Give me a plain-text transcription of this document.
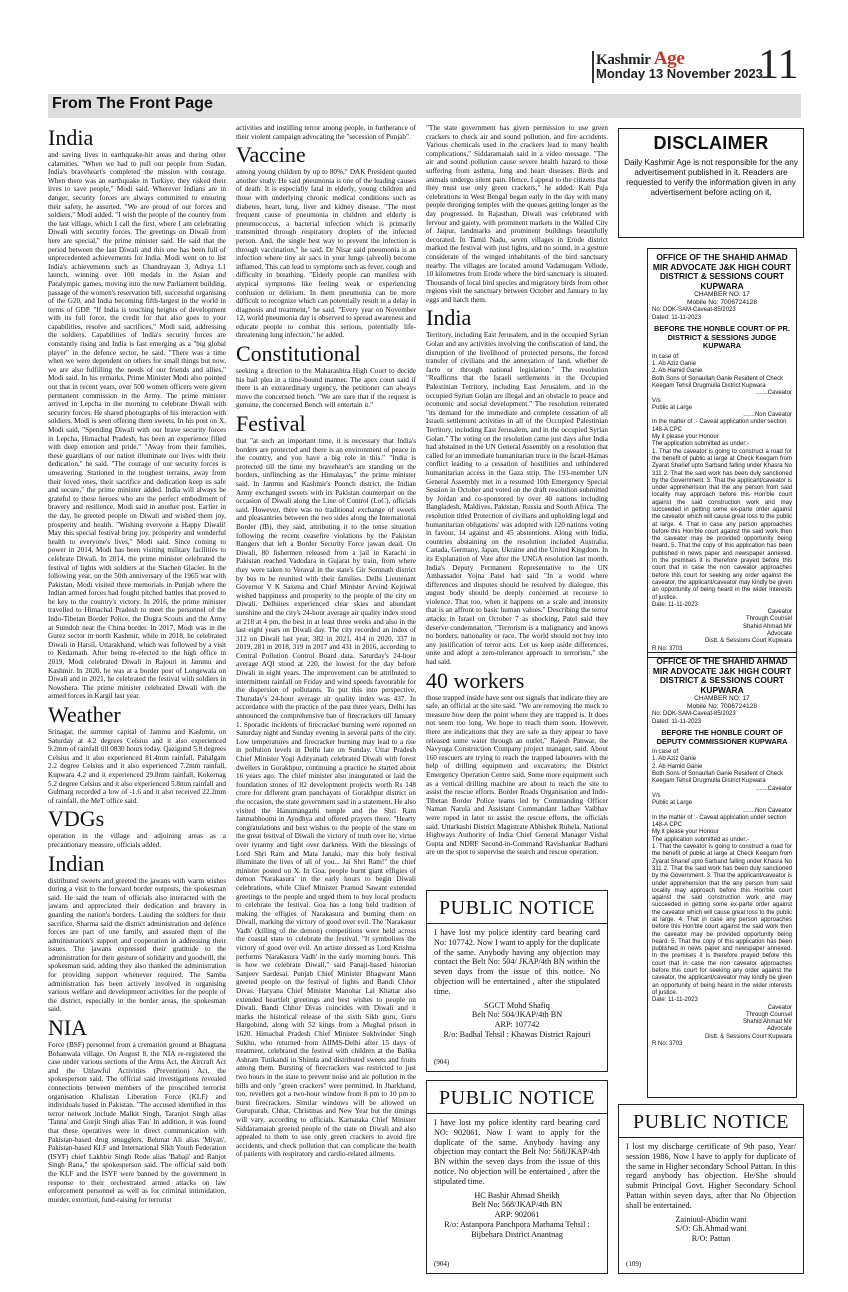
Kashmir Age
Monday 13 November 2023
11
From The Front Page
India

and saving lives in earthquake-hit areas and during other calamities. "When we had to pull out people from Sudan, India's braveheart's completed the mission with courage. When there was an earthquake in Turkiye, they risked their lives to save people," Modi said. Wherever Indians are in danger, security forces are always committed to ensuring their safety, he asserted. "We are proud of our forces and soldiers," Modi added. "I wish the people of the country from the last village, which I call the first, where I am celebrating Diwali with security forces. The greetings on Diwali from here are special," the prime minister said. He said that the period between the last Diwali and this one has been full of unprecedented achievements for India. Modi went on to list India's achievements such as Chandrayaan 3, Aditya L1 launch, winning over 100 medals in the Asian and Paralympic games, moving into the new Parliament building, passage of the women's reservation bill, successful organising of the G20, and India becoming fifth-largest in the world in terms of GDP. "If India is touching heights of development with its full force, the credit for that also goes to your capabilities, resolve and sacrifices," Modi said, addressing the soldiers. Capabilities of India's security forces are constantly rising and India is fast emerging as a "big global player" in the defence sector, he said. "There was a time when we were dependent on others for small things but now, we are also fulfilling the needs of our friends and allies," Modi said. In his remarks, Prime Minister Modi also pointed out that in recent years, over 500 women officers were given permanent commission in the Army. The prime minister arrived in Lepcha in the morning to celebrate Diwali with security forces. He shared photographs of his interaction with soldiers. Modi is seen offering them sweets. In his post on X, Modi said, "Spending Diwali with our brave security forces in Lepcha, Himachal Pradesh, has been an experience filled with deep emotion and pride." "Away from their families, these guardians of our nation illuminate our lives with their dedication," he said. "The courage of our security forces is unwavering. Stationed in the toughest terrains, away from their loved ones, their sacrifice and dedication keep us safe and secure," the prime minister added. India will always be grateful to these heroes who are the perfect embodiment of bravery and resilience, Modi said in another post. Earlier in the day, he greeted people on Diwali and wished them joy, prosperity and health. "Wishing everyone a Happy Diwali! May this special festival bring joy, prosperity and wonderful health to everyone's lives," Modi said. Since coming to power in 2014, Modi has been visiting military facilities to celebrate Diwali. In 2014, the prime minister celebrated the festival of lights with soldiers at the Siachen Glacier. In the following year, on the 50th anniversary of the 1965 war with Pakistan, Modi visited three memorials in Punjab where the Indian armed forces had fought pitched battles that proved to be key to the country's victory. In 2016, the prime minister travelled to Himachal Pradesh to meet the personnel of the Indo-Tibetan Border Police, the Dogra Scouts and the Army at Sumdoh near the China border. In 2017, Modi was in the Gurez sector in north Kashmir, while in 2018, he celebrated Diwali in Harsil, Uttarakhand, which was followed by a visit to Kedarnath. After being re-elected to the high office in 2019, Modi celebrated Diwali in Rajouri in Jammu and Kashmir. In 2020, he was at a border post of Longewala on Diwali and in 2021, he celebrated the festival with soldiers in Nowshera. The prime minister celebrated Diwali with the armed forces in Kargil last year.

Weather

Srinagar, the summer capital of Jammu and Kashmir, on Saturday at 4.2 degrees Celsius and it also experienced 9.2mm of rainfall till 0830 hours today. Qazigund 5.8 degrees Celsius and it also experienced 81.4mm rainfall, Pahalgam 2.2 degree Celsius and it also experienced 7.2mm rainfall, Kupwara 4.2 and it experienced 29.8mm rainfall, Kokernag 5.2 degree Celsius and it also experienced 5.8mm rainfall and Gulmarg recorded a low of -1.6 and it also received 22.2mm of rainfall, the MeT office said.

VDGs

operation in the village and adjoining areas as a precautionary measure, officials added.

Indian

distributed sweets and greeted the jawans with warm wishes during a visit to the forward border outposts, the spokesman said. He said the team of officials also interacted with the jawans and appreciated their dedication and bravery in guarding the nation's borders. Lauding the soldiers for their sacrifice, Sharma said the district administration and defence forces are part of one family, and assured them of the administration's support and cooperation in addressing their issues. The jawans expressed their gratitude to the administration for their gesture of solidarity and goodwill, the spokesman said, adding they also thanked the administration for providing support whenever required. The Samba administration has been actively involved in organising various welfare and development activities for the people of the district, especially in the border areas, the spokesman said.

NIA

Force (BSF) personnel from a cremation ground at Bhagtana Bohanwala village. On August 8, the NIA re-registered the case under various sections of the Arms Act, the Aircraft Act and the Unlawful Activities (Prevention) Act, the spokesperson said. The official said investigations revealed connections between members of the proscribed terrorist organisation Khalistan Liberation Force (KLF) and individuals based in Pakistan. "The accused identified in this terror network include Malkit Singh, Taranjot Singh alias 'Tanna' and Gurjit Singh alias 'Fau' In addition, it was found that these operatives were in direct communication with Pakistan-based drug smugglers, Behmat Ali alias 'Miyan', Pakistan-based KLF and International Sikh Youth Federation (ISYF) chief Lakhbir Singh Rode alias 'Babaji' and Ranjot Singh Rana," the spokesperson said. The official said both the KLF and the ISYF were banned by the government in response to their orchestrated armed attacks on law enforcement personnel as well as for criminal intimidation, murder, extortion, fund-raising for terrorist

activities and instilling terror among people, in furtherance of their violent campaign advocating the "secession of Punjab".

Vaccine

among young children by up to 80%," DAK President quoted another study. He said pneumonia is one of the leading causes of death. It is especially fatal in elderly, young children and those with underlying chronic medical conditions such as diabetes, heart, lung, liver and kidney disease. "The most frequent cause of pneumonia in children and elderly is pneumococcus, a bacterial infection which is primarily transmitted through respiratory droplets of the infected person. And, the single best way to prevent the infection is through vaccination," he said. Dr Nisar said pneumonia is an infection where tiny air sacs in your lungs (alveoli) become inflamed. This can lead to symptoms such as fever, cough and difficulty in breathing. "Elderly people can manifest with atypical symptoms like feeling weak or experiencing confusion or delirium. In them pneumonia can be more difficult to recognize which can potentially result in a delay in diagnosis and treatment," he said. "Every year on November 12, world pneumonia day is observed to spread awareness and educate people to combat this serious, potentially life-threatening lung infection," he added.

Constitutional

seeking a direction to the Maharashtra High Court to decide his bail plea in a time-bound manner. The apex court said if there is an extraordinary urgency, the petitioner can always move the concerned bench. "We are sure that if the request is genuine, the concerned Bench will entertain it."

Festival

that "at such an important time, it is necessary that India's borders are protected and there is an environment of peace in the country, and you have a big role in this." "India is protected till the time my braveheart's are standing on the borders, unflinching as the Himalayas," the prime minister said. In Jammu and Kashmir's Poonch district, the Indian Army exchanged sweets with its Pakistan counterpart on the occasion of Diwali along the Line of Control (LoC), officials said. However, there was no traditional exchange of sweets and pleasantries between the two sides along the International Border (IB), they said, attributing it to the tense situation following the recent ceasefire violations by the Pakistan Rangers that left a Border Security Force jawan dead. On Diwali, 80 fishermen released from a jail in Karachi in Pakistan reached Vadodara in Gujarat by train, from where they were taken to Veraval in the state's Gir Somnath district by bus to be reunited with their families. Delhi Lieutenant Governor V K Saxena and Chief Minister Arvind Kejriwal wished happiness and prosperity to the people of the city on Diwali. Delhiites experienced clear skies and abundant sunshine and the city's 24-hour average air quality index stood at 218 at 4 pm, the best in at least three weeks and also in the last eight years on Diwali day. The city recorded an index of 312 on Diwali last year, 382 in 2021, 414 in 2020, 337 in 2019, 281 in 2018, 319 in 2017 and 431 in 2016, according to Central Pollution Control Board data. Saturday's 24-hour average AQI stood at 220, the lowest for the day before Diwali in eight years. The improvement can be attributed to intermittent rainfall on Friday and wind speeds favourable for the dispersion of pollutants. To put this into perspective, Thursday's 24-hour average air quality index was 437. In accordance with the practice of the past three years, Delhi has announced the comprehensive ban of firecrackers till January 1. Sporadic incidents of firecracker burning were reported on Saturday night and Sunday evening in several parts of the city. Low temperatures and firecracker burning may lead to a rise in pollution levels in Delhi late on Sunday. Uttar Pradesh Chief Minister Yogi Adityanath celebrated Diwali with forest dwellers in Gorakhpur, continuing a practice he started about 16 years ago. The chief minister also inaugurated or laid the foundation stones of 82 development projects worth Rs 148 crore for different gram panchayats of Gorakhpur district on the occasion, the state government said in a statement. He also visited the Hanumangarhi temple and the Shri Ram Janmabhoomi in Ayodhya and offered prayers there. "Hearty congratulations and best wishes to the people of the state on the great festival of Diwali the victory of truth over lie, virtue over tyranny and light over darkness. With the blessings of Lord Shri Ram and Mata Janaki, may this holy festival illuminate the lives of all of you... Jai Shri Ram!" the chief minister posted on X. In Goa, people burnt giant effigies of demon 'Narakasura' in the early hours to begin Diwali celebrations, while Chief Minister Pramod Sawant extended greetings to the people and urged them to buy local products to celebrate the festival. Goa has a long held tradition of making the effigies of Narakasura and burning them on Diwali, marking the victory of good over evil. The 'Narakasur Vadh' (killing of the demon) competitions were held across the coastal state to celebrate the festival. "It symbolises the victory of good over evil. An artiste dressed as Lord Krishna performs 'Narakasura Vadh' in the early morning hours. This is how we celebrate Diwali," said Panaji-based historian Sanjeev Sardesai. Punjab Chief Minister Bhagwant Mann greeted people on the festival of lights and Bandi Chhor Divas. Haryana Chief Minister Manohar Lal Khattar also extended heartfelt greetings and best wishes to people on Diwali. Bandi Chhor Divas coincides with Diwali and it marks the historical release of the sixth Sikh guru, Guru Hargobind, along with 52 kings from a Mughal prison in 1620. Himachal Pradesh Chief Minister Sukhvinder Singh Sukhu, who returned from AIIMS-Delhi after 15 days of treatment, celebrated the festival with children at the Balika Ashram Tutikandi in Shimla and distributed sweets and fruits among them. Bursting of firecrackers was restricted to just two hours in the state to prevent noise and air pollution in the hills and only "green crackers" were permitted. In Jharkhand, too, revellers got a two-hour window from 8 pm to 10 pm to burst firecrackers. Similar windows will be allowed on Gurupurab, Chhat, Christmas and New Year but the timings will vary, according to officials. Karnataka Chief Minister Siddaramaiah greeted people of the state on Diwali and also appealed to them to use only green crackers to avoid fire accidents, and check pollution that can complicate the health of patients with respiratory and cardio-related ailments.

"The state government has given permission to use green crackers to check air and sound pollution, and fire accidents. Various chemicals used in the crackers lead to many health complications," Siddaramaiah said in a video message. "The air and sound pollution cause severe health hazard to those suffering from asthma, lung and heart diseases. Birds and animals undergo silent pain. Hence, I appeal to the citizens that they must use only green crackers," he added. Kali Puja celebrations in West Bengal began early in the day with many people thronging temples with the queues getting longer as the day progressed. In Rajasthan, Diwali was celebrated with fervour and gaiety, with prominent markets in the Walled City of Jaipur, landmarks and prominent buildings beautifully decorated. In Tamil Nadu, seven villages in Erode district marked the festival with just lights, and no sound, in a gesture considerate of the winged inhabitants of the bird sanctuary nearby. The villages are located around Vadamugam Vellode, 10 kilometres from Erode where the bird sanctuary is situated. Thousands of local bird species and migratory birds from other regions visit the sanctuary between October and January to lay eggs and hatch them.

India

Territory, including East Jerusalem, and in the occupied Syrian Golan and any activities involving the confiscation of land, the disruption of the livelihood of protected persons, the forced transfer of civilians and the annexation of land, whether de facto or through national legislation." The resolution "Reaffirms that the Israeli settlements in the Occupied Palestinian Territory, including East Jerusalem, and in the occupied Syrian Golan are illegal and an obstacle to peace and economic and social development." The resolution reiterated "its demand for the immediate and complete cessation of all Israeli settlement activities in all of the Occupied Palestinian Territory, including East Jerusalem, and in the occupied Syrian Golan." The voting on the resolution came just days after India had abstained in the UN General Assembly on a resolution that called for an immediate humanitarian truce in the Israel-Hamas conflict leading to a cessation of hostilities and unhindered humanitarian access in the Gaza strip. The 193-member UN General Assembly met in a resumed 10th Emergency Special Session in October and voted on the draft resolution submitted by Jordan and co-sponsored by over 40 nations including Bangladesh, Maldives, Pakistan, Russia and South Africa. The resolution titled Protection of civilians and upholding legal and humanitarian obligations' was adopted with 120 nations voting in favour, 14 against and 45 abstentions. Along with India, countries abstaining on the resolution included Australia, Canada, Germany, Japan, Ukraine and the United Kingdom. In its Explanation of Vote after the UNGA resolution last month, India's Deputy Permanent Representative to the UN Ambassador Yojna Patel had said "In a world where differences and disputes should be resolved by dialogue, this august body should be deeply concerned at recourse to violence. That too, when it happens on a scale and intensity that is an affront to basic human values." Describing the terror attacks in Israel on October 7 as shocking, Patel said they deserve condemnation. "Terrorism is a malignancy and knows no borders, nationality or race. The world should not buy into any justification of terror acts. Let us keep aside differences, unite and adopt a zero-tolerance approach to terrorism," she had said.

40 workers

those trapped inside have sent out signals that indicate they are safe, an official at the site said. "We are removing the muck to measure how deep the point where they are trapped is. It does not seem too long. We hope to reach them soon. However, there are indications that they are safe as they appear to have released some water through an outlet," Rajesh Panwar, the Navyuga Construction Company project manager, said. About 160 rescuers are trying to reach the trapped labourers with the help of drilling equipment and excavators, the District Emergency Operation Centre said. Some more equipment such as a vertical drilling machine are about to reach the site to assist the rescue efforts. Border Roads Organisation and Indo-Tibetan Border Police teams led by Commanding Officer Naman Narula and Assistant Commandant Jadhav Vaibhav were roped in later to assist the rescue efforts, the officials said. Uttarkashi District Magistrate Abhishek Ruhela, National Highways Authority of India Chief General Manager Vishal Gupta and NDRF Second-in-Command Ravishankar Badhani are on the spot to supervise the search and rescue operation.

PUBLIC NOTICE

I have lost my police identity card bearing card No: 107742. Now I want to apply for the duplicate of the same. Anybody having any objection may contact the Belt No: 504/ JKAP/4th BN within the seven days from the issue of this notice. No objection will be entertained , after the stipulated time.

SGCT Mohd Shafiq
Belt No: 504/JKAP/4th BN
ARP: 107742
R/o: Badhal Tehsil : Khawas District Rajouri
(904)
PUBLIC NOTICE

I have lost my police identity card bearing card NO: 902061. Now I want to apply for the duplicate of the same. Anybody having any objection may contact the Belt No: 568/JKAP/4th BN within the seven days from the issue of this notice. No objection will be entertained , after the stipulated time.

HC Bashir Ahmad Sheikh
Belt No: 568/JKAP/4th BN
ARP: 902061
R/o: Astanpora Panchpora Marhama Tehsil : Bijbehara District Anantnag
(904)
DISCLAIMER
Daily Kashmir Age is not responsible for the any advertisement published in it. Readers are requested to verify the information given in any advertisement before acting on it.
OFFICE OF THE SHAHID AHMAD MIR ADVOCATE J&K HIGH COURT DISTRICT & SESSIONS COURT KUPWARA
CHAMBER NO: 17
Mobile No: 7006724128

No: DOK-SAM-Caveat-85/2023

Dated: 11-11-2023

BEFORE THE HONBLE COURT OF PR. DISTRICT & SESSIONS JUDGE KUPWARA

In case of:

1. Ab Aziz Ganie

2. Ab Hamid Ganie

Both Sons of Sonaullah Ganie Resident of Check Keegam Tehsil Drugmulla District Kupwara

.......Caveator

V/s

Public at Large

.......Non Caveator

In the matter of :- Caveat application under section 148-A CPC

My it please your Honour

The application submitted as under:-

1. That the caveator is going to construct a road for the benefit of public at large at Check Keegam from Zyarat Sharief upto Sarband falling under Khasra No 311 2. That the said work has been duly sanctioned by the Government. 3. That the applicant/caveator is under apprehension that the any person from said locality may approach before this Hon'ble court against the said construction work and may succeeded in getting some ex-parte order against the caveator which will cause great loss to the public at large. 4. That in case any person approaches before this Hon'ble court against the said work then the caveator may be provided opportunity being heard. 5. That the copy of this application has been published in news paper and newspaper annexed. In the premises it is therefore prayed before this court that in case the non caveator approaches before this court for seeking any order against the caveator, the applicant/caveator may kindly be given an opportunity of being heard in the wider interests of justice.

Date: 11-11-2023

Caveator

Through Counsel

Shahid Ahmad Mir

Advocate

Distt. & Sessions Court Kupwara

R No: 3703

OFFICE OF THE SHAHID AHMAD MIR ADVOCATE J&K HIGH COURT DISTRICT & SESSIONS COURT KUPWARA
CHAMBER NO: 17
Mobile No: 7006724128

No: DOK-SAM-Caveat-85/2023

Dated: 11-11-2023

BEFORE THE HONBLE COURT OF DEPUTY COMMISSIONER KUPWARA

In case of:

1. Ab Aziz Ganie

2. Ab Hamid Ganie

Both Sons of Sonaullah Ganie Resident of Check Keegam Tehsil Drugmulla District Kupwara

.......Caveator

V/s

Public at Large

.......Non Caveator

In the matter of :- Caveat application under section 148-A CPC

My it please your Honour

The application submitted as under:-

1. That the caveator is going to construct a road for the benefit of public at large at Check Keegam from Zyarat Sharief upto Sarband falling under Khasra No 311 2. That the said work has been duly sanctioned by the Government. 3. That the applicant/caveator is under apprehension that the any person from said locality may approach before this Hon'ble court against the said construction work and may succeeded in getting some ex-parte order against the caveator which will cause great loss to the public at large. 4. That in case any person approaches before this Hon'ble court against the said work then the caveator may be provided opportunity being heard. 5. That the copy of this application has been published in news paper and newspaper annexed. In the premises it is therefore prayed before this court that in case the non caveator approaches before this court for seeking any order against the caveator, the applicant/caveator may kindly be given an opportunity of being heard in the wider interests of justice.

Date: 11-11-2023

Caveator

Through Counsel

Shahid Ahmad Mir

Advocate

Distt. & Sessions Court Kupwara

R No: 3703

PUBLIC NOTICE

I lost my discharge certificate of 9th paso, Year/ session 1986, Now I have to apply for duplicate of the same in Higher secondary School Pattan. In this regard anybody has objection. He/She should submit Principal Govt. Higher Secondary School Pattan within seven days, after that No Objection shall be entertained.

Zainiuul-Abidin wani
S/O: Gh.Ahmad wani
R/O: Pattan
(109)
